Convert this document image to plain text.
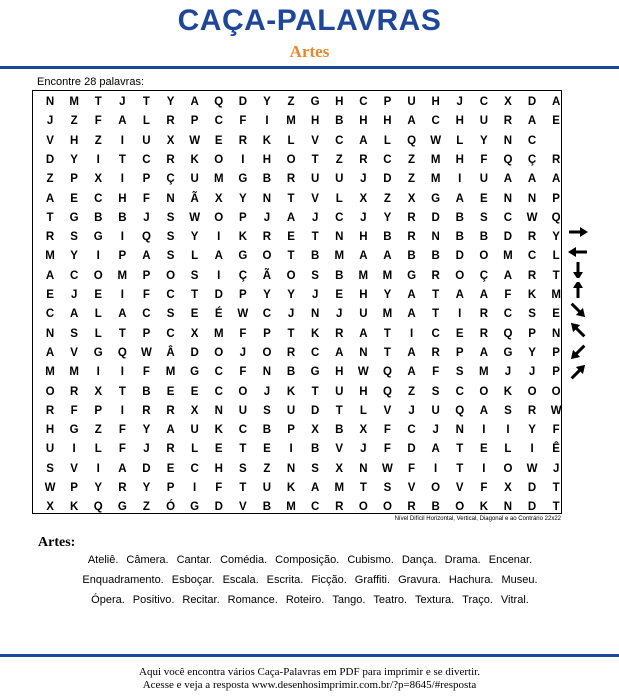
CAÇA-PALAVRAS
Artes
Encontre 28 palavras:
N	M	T	J	T	Y	A	Q	D	Y	Z	G	H	C	P	U	H	J	C	X	D	A
J	Z	F	A	L	R	P	C	F	I	M	H	B	H	H	A	C	H	U	R	A	E
V	H	Z	I	U	X	W	E	R	K	L	V	C	A	L	Q	W	L	Y	N	C
D	Y	I	T	C	R	K	O	I	H	O	T	Z	R	C	Z	M	H	F	Q	Ç	R
Z	P	X	I	P	Ç	U	M	G	B	R	U	U	J	D	Z	M	I	U	A	A	A
A	E	C	H	F	N	Ã	X	Y	N	T	V	L	X	Z	X	G	A	E	N	N	P
T	G	B	B	J	S	W	O	P	J	A	J	C	J	Y	R	D	B	S	C	W	Q
R	S	G	I	Q	S	Y	I	K	R	E	T	N	H	B	R	N	B	B	D	R	Y
M	Y	I	P	A	S	L	A	G	O	T	B	M	A	A	B	B	D	O	M	C	L
A	C	O	M	P	O	S	I	Ç	Ã	O	S	B	M	M	G	R	O	Ç	A	R	T
E	J	E	I	F	C	T	D	P	Y	Y	J	E	H	Y	A	T	A	A	F	K	M
C	A	L	A	C	S	E	É	W	C	J	N	J	U	M	A	T	I	R	C	S	E
N	S	L	T	P	C	X	M	F	P	T	K	R	A	T	I	C	E	R	Q	P	N
A	V	G	Q	W	Â	D	O	J	O	R	C	A	N	T	A	R	P	A	G	Y	P
M	M	I	I	F	M	G	C	F	N	B	G	H	W	Q	A	F	S	M	J	J	P
O	R	X	T	B	E	E	C	O	J	K	T	U	H	Q	Z	S	C	O	K	O	O
R	F	P	I	R	R	X	N	U	S	U	D	T	L	V	J	U	Q	A	S	R	W
H	G	Z	F	Y	A	U	K	C	B	P	X	B	X	F	C	J	N	I	I	Y	F
U	I	L	F	J	R	L	E	T	E	I	B	V	J	F	D	A	T	E	L	I	Ê
S	V	I	A	D	E	C	H	S	Z	N	S	X	N	W	F	I	T	I	O	W	J
W	P	Y	R	Y	P	I	F	T	U	K	A	M	T	S	V	O	V	F	X	D	T
X	K	Q	G	Z	Ó	G	D	V	B	M	C	R	O	O	R	B	O	K	N	D	T
Nível Difícil Horizontal, Vertical, Diagonal e ao Contrário 22x22
Artes:
Ateliê. Câmera. Cantar. Comédia. Composição. Cubismo. Dança. Drama. Encenar.
Enquadramento. Esboçar. Escala. Escrita. Ficção. Graffiti. Gravura. Hachura. Museu.
Ópera. Positivo. Recitar. Romance. Roteiro. Tango. Teatro. Textura. Traço. Vitral.
Aqui você encontra vários Caça-Palavras em PDF para imprimir e se divertir.
Acesse e veja a resposta www.desenhosimprimir.com.br/?p=8645/#resposta
